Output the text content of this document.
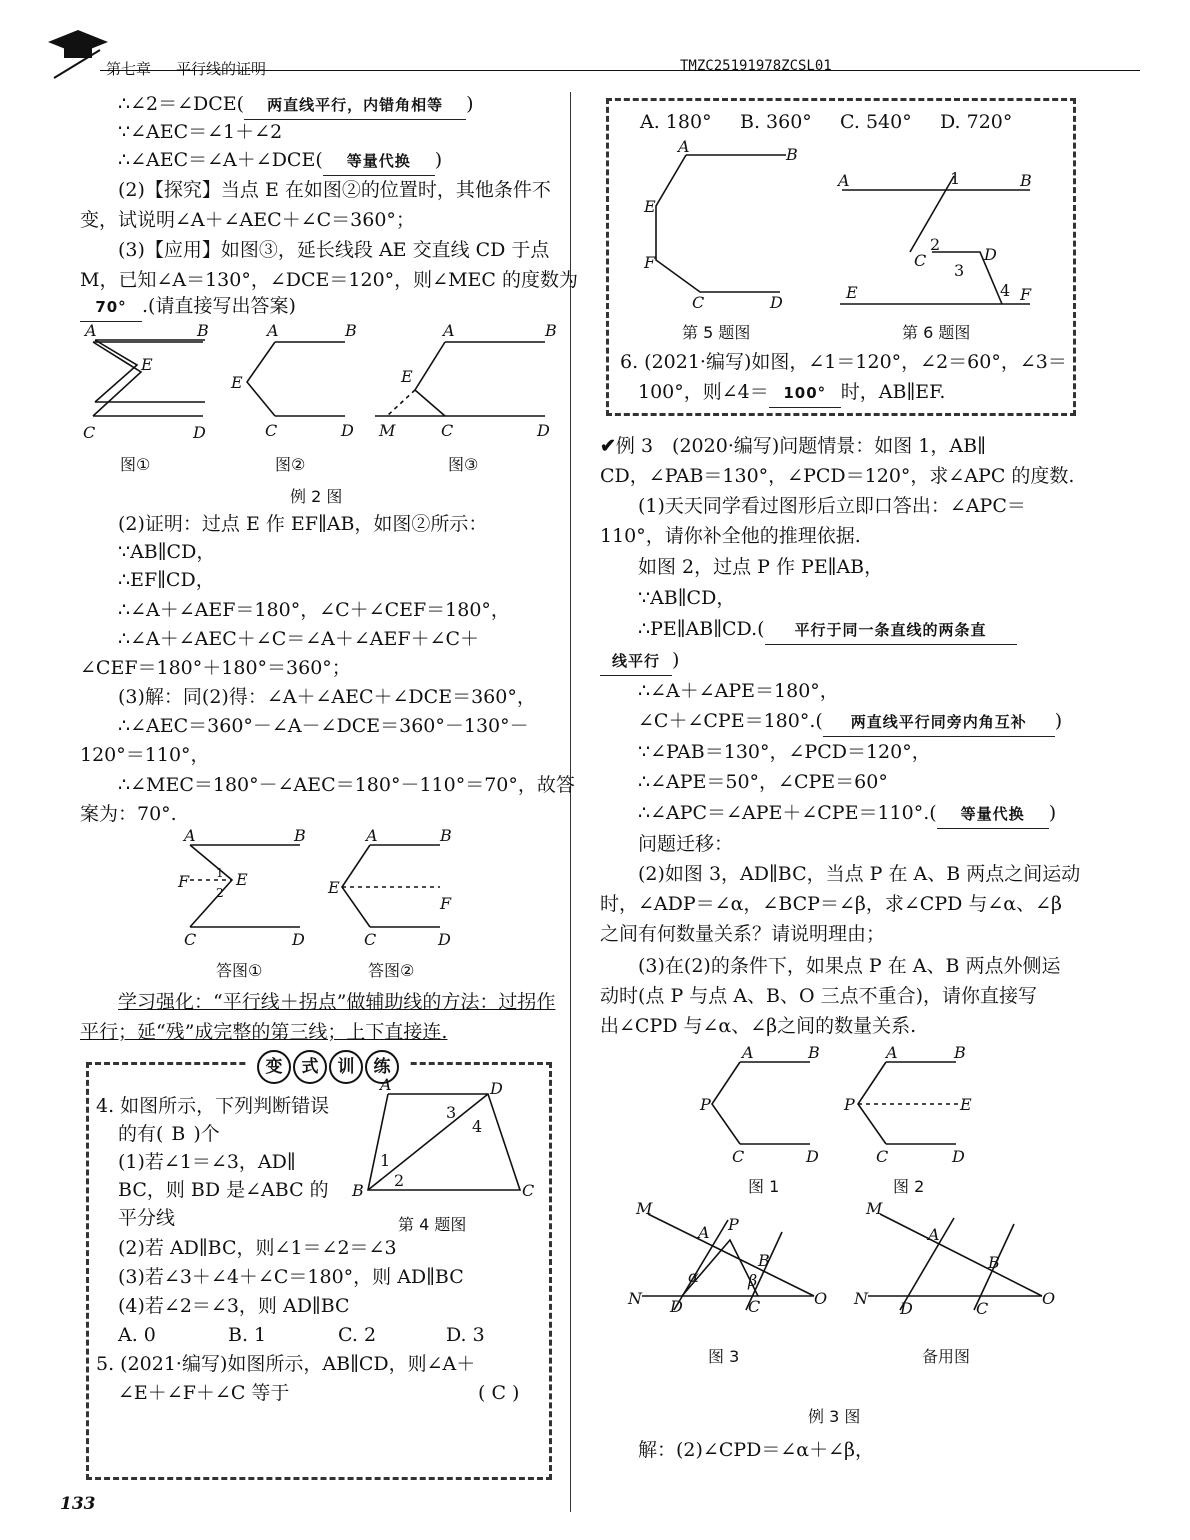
第七章 平行线的证明	TMZC25191978ZCSL01
∴∠2＝∠DCE( 两直线平行，内错角相等 )
∵∠AEC＝∠1＋∠2
∴∠AEC＝∠A＋∠DCE( 等量代换 )
(2)【探究】当点 E 在如图②的位置时，其他条件不
变，试说明∠A＋∠AEC＋∠C＝360°；
(3)【应用】如图③，延长线段 AE 交直线 CD 于点
M，已知∠A＝130°，∠DCE＝120°，则∠MEC 的度数为
70° .(请直接写出答案)
A	B
E
C	D
A	B
E
C	D
A	B
E
M	C	D
图①	图②	图③
例 2 图
(2)证明：过点 E 作 EF∥AB，如图②所示：
∵AB∥CD，
∴EF∥CD，
∴∠A＋∠AEF＝180°，∠C＋∠CEF＝180°，
∴∠A＋∠AEC＋∠C＝∠A＋∠AEF＋∠C＋
∠CEF＝180°＋180°＝360°；
(3)解：同(2)得：∠A＋∠AEC＋∠DCE＝360°，
∴∠AEC＝360°－∠A－∠DCE＝360°－130°－
120°＝110°，
∴∠MEC＝180°－∠AEC＝180°－110°＝70°，故答
案为：70°.
A	B
F	E
1
2
C	D
A	B
E
F
C	D
答图①	答图②
学习强化：“平行线＋拐点”做辅助线的方法：过拐作
平行；延“残”成完整的第三线；上下直接连.
变 式 训 练
4. 如图所示，下列判断错误
的有( B )个
(1)若∠1＝∠3，AD∥
BC，则 BD 是∠ABC 的
平分线
(2)若 AD∥BC，则∠1＝∠2＝∠3
(3)若∠3＋∠4＋∠C＝180°，则 AD∥BC
(4)若∠2＝∠3，则 AD∥BC
A. 0	B. 1	C. 2	D. 3
5. (2021·编写)如图所示，AB∥CD，则∠A＋
∠E＋∠F＋∠C 等于	( C )
A	D
B	C
3
4
1
2
第 4 题图
133
A. 180° B. 360° C. 540° D. 720°
A	B
E
F
C	D
A	B
1
2
C	D
3
4
E	F
第 5 题图	第 6 题图
6. (2021·编写)如图，∠1＝120°，∠2＝60°，∠3＝
100°，则∠4＝ 100° 时，AB∥EF.
✔例 3　(2020·编写)问题情景：如图 1，AB∥
CD，∠PAB＝130°，∠PCD＝120°，求∠APC 的度数.
(1)天天同学看过图形后立即口答出：∠APC＝
110°，请你补全他的推理依据.
如图 2，过点 P 作 PE∥AB，
∵AB∥CD，
∴PE∥AB∥CD.( 平行于同一条直线的两条直
线平行 )
∴∠A＋∠APE＝180°，
∠C＋∠CPE＝180°.( 两直线平行同旁内角互补 )
∵∠PAB＝130°，∠PCD＝120°，
∴∠APE＝50°，∠CPE＝60°
∴∠APC＝∠APE＋∠CPE＝110°.( 等量代换 )
问题迁移：
(2)如图 3，AD∥BC，当点 P 在 A、B 两点之间运动
时，∠ADP＝∠α，∠BCP＝∠β，求∠CPD 与∠α、∠β
之间有何数量关系？请说明理由；
(3)在(2)的条件下，如果点 P 在 A、B 两点外侧运
动时(点 P 与点 A、B、O 三点不重合)，请你直接写
出∠CPD 与∠α、∠β之间的数量关系.
A	B
P
C	D
A	B
P	E
C	D
图 1	图 2
M
N	O
A P
B
D	C
α	β
M
N	O
A
B
D	C
图 3	备用图
例 3 图
解：(2)∠CPD＝∠α＋∠β，
